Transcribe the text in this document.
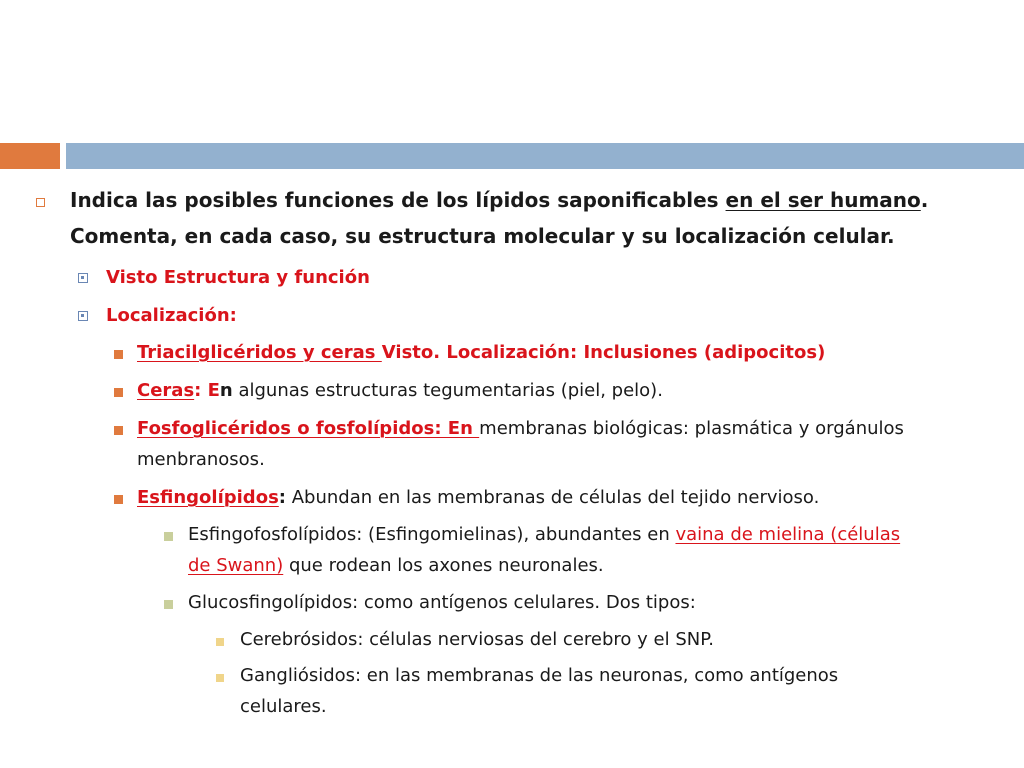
Indica las posibles funciones de los lípidos saponificables en el ser humano.
Comenta, en cada caso, su estructura molecular y su localización celular.
Visto Estructura y función
Localización:
Triacilglicéridos y ceras Visto. Localización: Inclusiones (adipocitos)
Ceras: En algunas estructuras tegumentarias (piel, pelo).
Fosfoglicéridos o fosfolípidos: En membranas biológicas: plasmática y orgánulos
menbranosos.
Esfingolípidos: Abundan en las membranas de células del tejido nervioso.
Esfingofosfolípidos: (Esfingomielinas), abundantes en vaina de mielina (células
de Swann) que rodean los axones neuronales.
Glucosfingolípidos: como antígenos celulares. Dos tipos:
Cerebrósidos: células nerviosas del cerebro y el SNP.
Gangliósidos: en las membranas de las neuronas, como antígenos
celulares.
